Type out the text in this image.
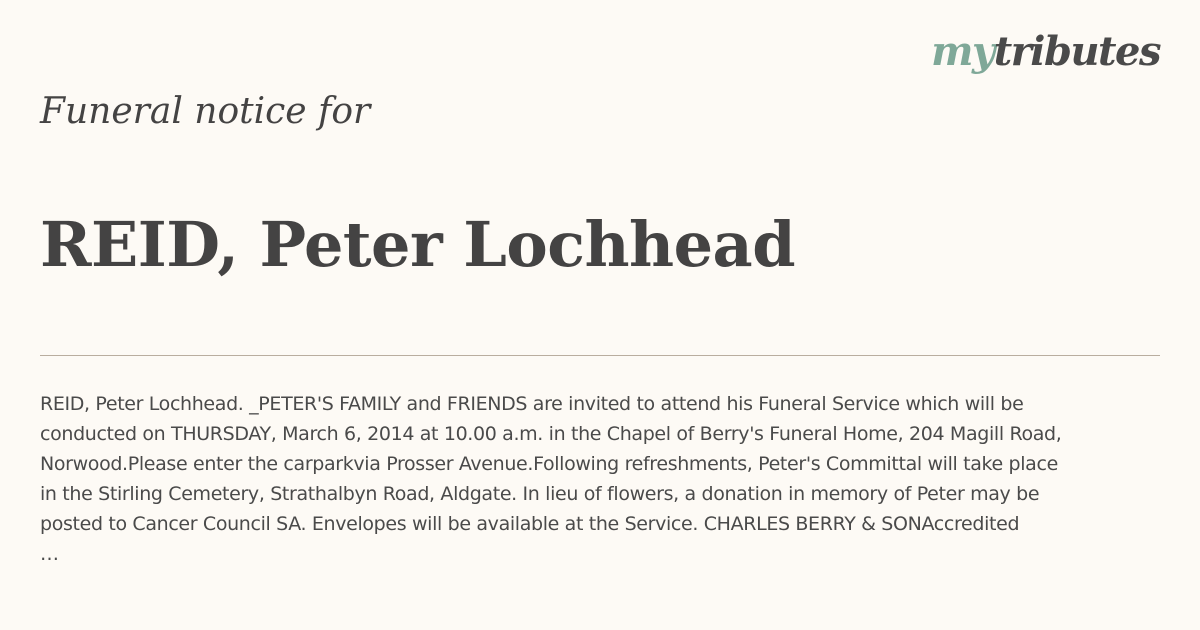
mytributes
Funeral notice for
REID, Peter Lochhead
REID, Peter Lochhead. _PETER'S FAMILY and FRIENDS are invited to attend his Funeral Service which will be
conducted on THURSDAY, March 6, 2014 at 10.00 a.m. in the Chapel of Berry's Funeral Home, 204 Magill Road,
Norwood.Please enter the carparkvia Prosser Avenue.Following refreshments, Peter's Committal will take place
in the Stirling Cemetery, Strathalbyn Road, Aldgate. In lieu of flowers, a donation in memory of Peter may be
posted to Cancer Council SA. Envelopes will be available at the Service. CHARLES BERRY & SONAccredited
…
